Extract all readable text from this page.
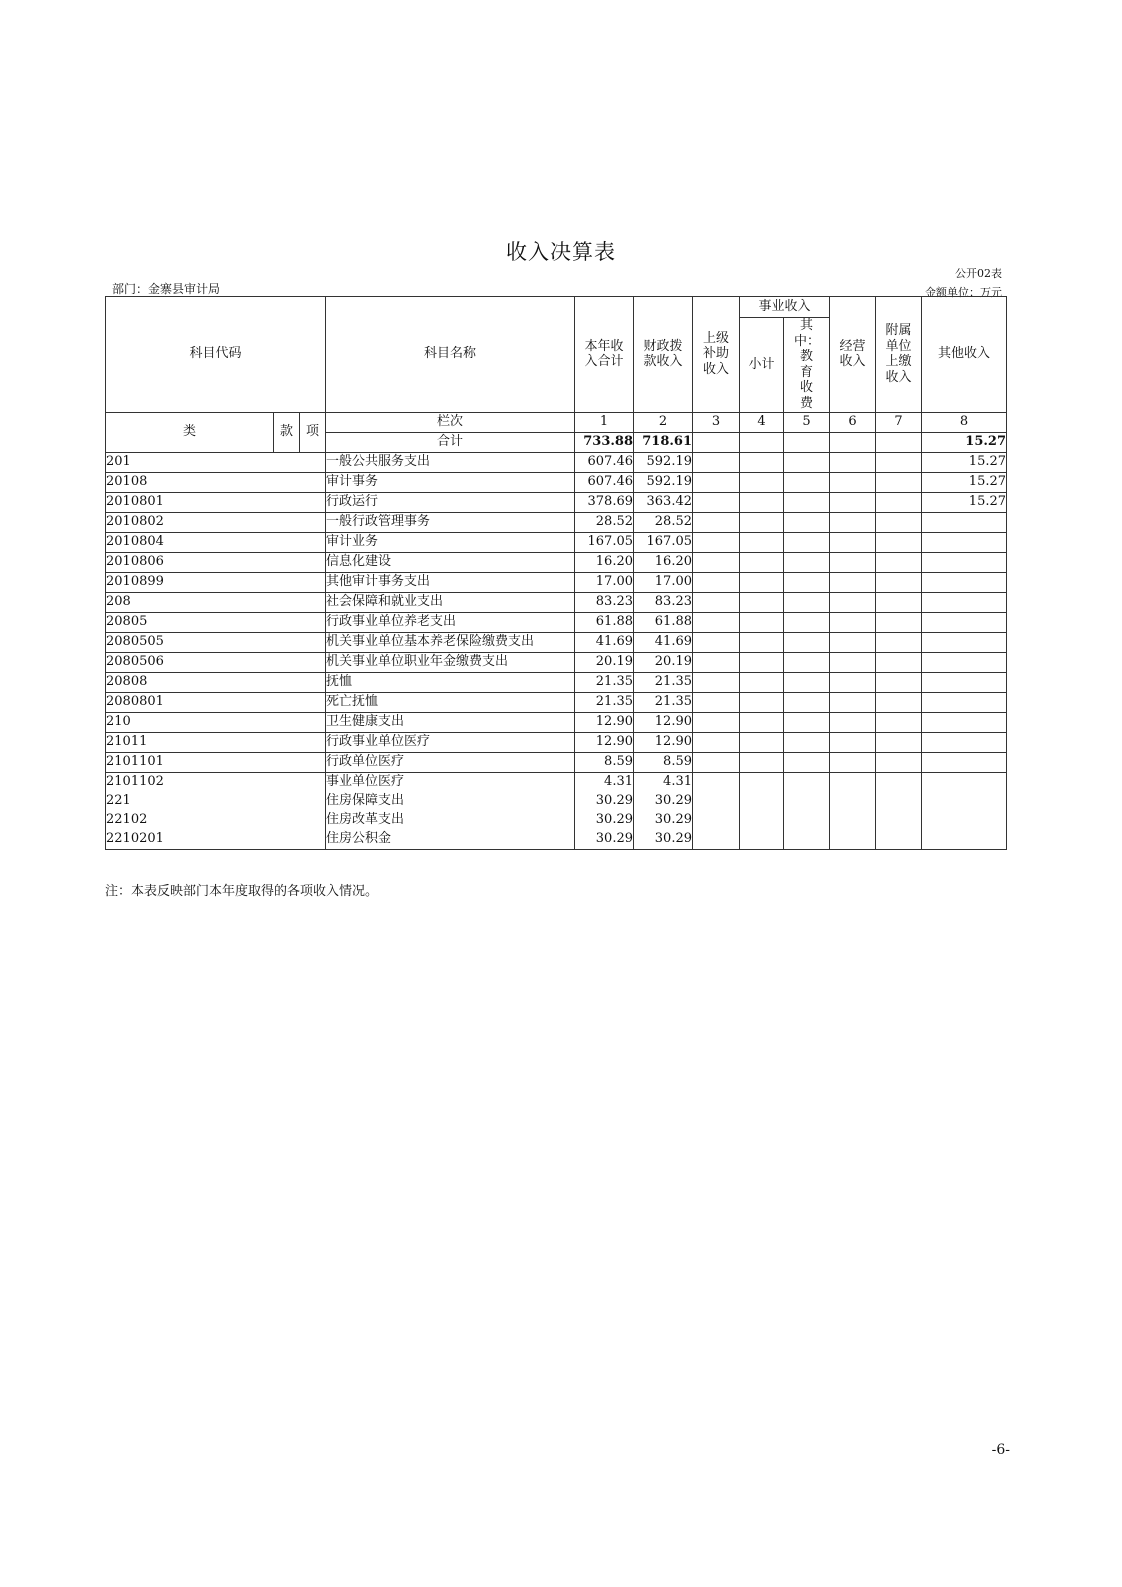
收入决算表
公开02表
部门：金寨县审计局	金额单位：万元
科目代码			科目名称	本年收入合计	财政拨款收入	上级补助收入	事业收入		经营收入	附属单位上缴收入	其他收入
							小计	其中：教育收费			
类	款	项	栏次	1	2	3	4	5	6	7	8
			合计	733.88	718.61						15.27
201			一般公共服务支出	607.46	592.19						15.27
20108			审计事务	607.46	592.19						15.27
2010801			行政运行	378.69	363.42						15.27
2010802			一般行政管理事务	28.52	28.52						
2010804			审计业务	167.05	167.05						
2010806			信息化建设	16.20	16.20						
2010899			其他审计事务支出	17.00	17.00						
208			社会保障和就业支出	83.23	83.23						
20805			行政事业单位养老支出	61.88	61.88						
2080505			机关事业单位基本养老保险缴费支出	41.69	41.69						
2080506			机关事业单位职业年金缴费支出	20.19	20.19						
20808			抚恤	21.35	21.35						
2080801			死亡抚恤	21.35	21.35						
210			卫生健康支出	12.90	12.90						
21011			行政事业单位医疗	12.90	12.90						
2101101			行政单位医疗	8.59	8.59						
2101102			事业单位医疗	4.31	4.31						
221			住房保障支出	30.29	30.29						
22102			住房改革支出	30.29	30.29						
2210201			住房公积金	30.29	30.29						
注：本表反映部门本年度取得的各项收入情况。
-6-
